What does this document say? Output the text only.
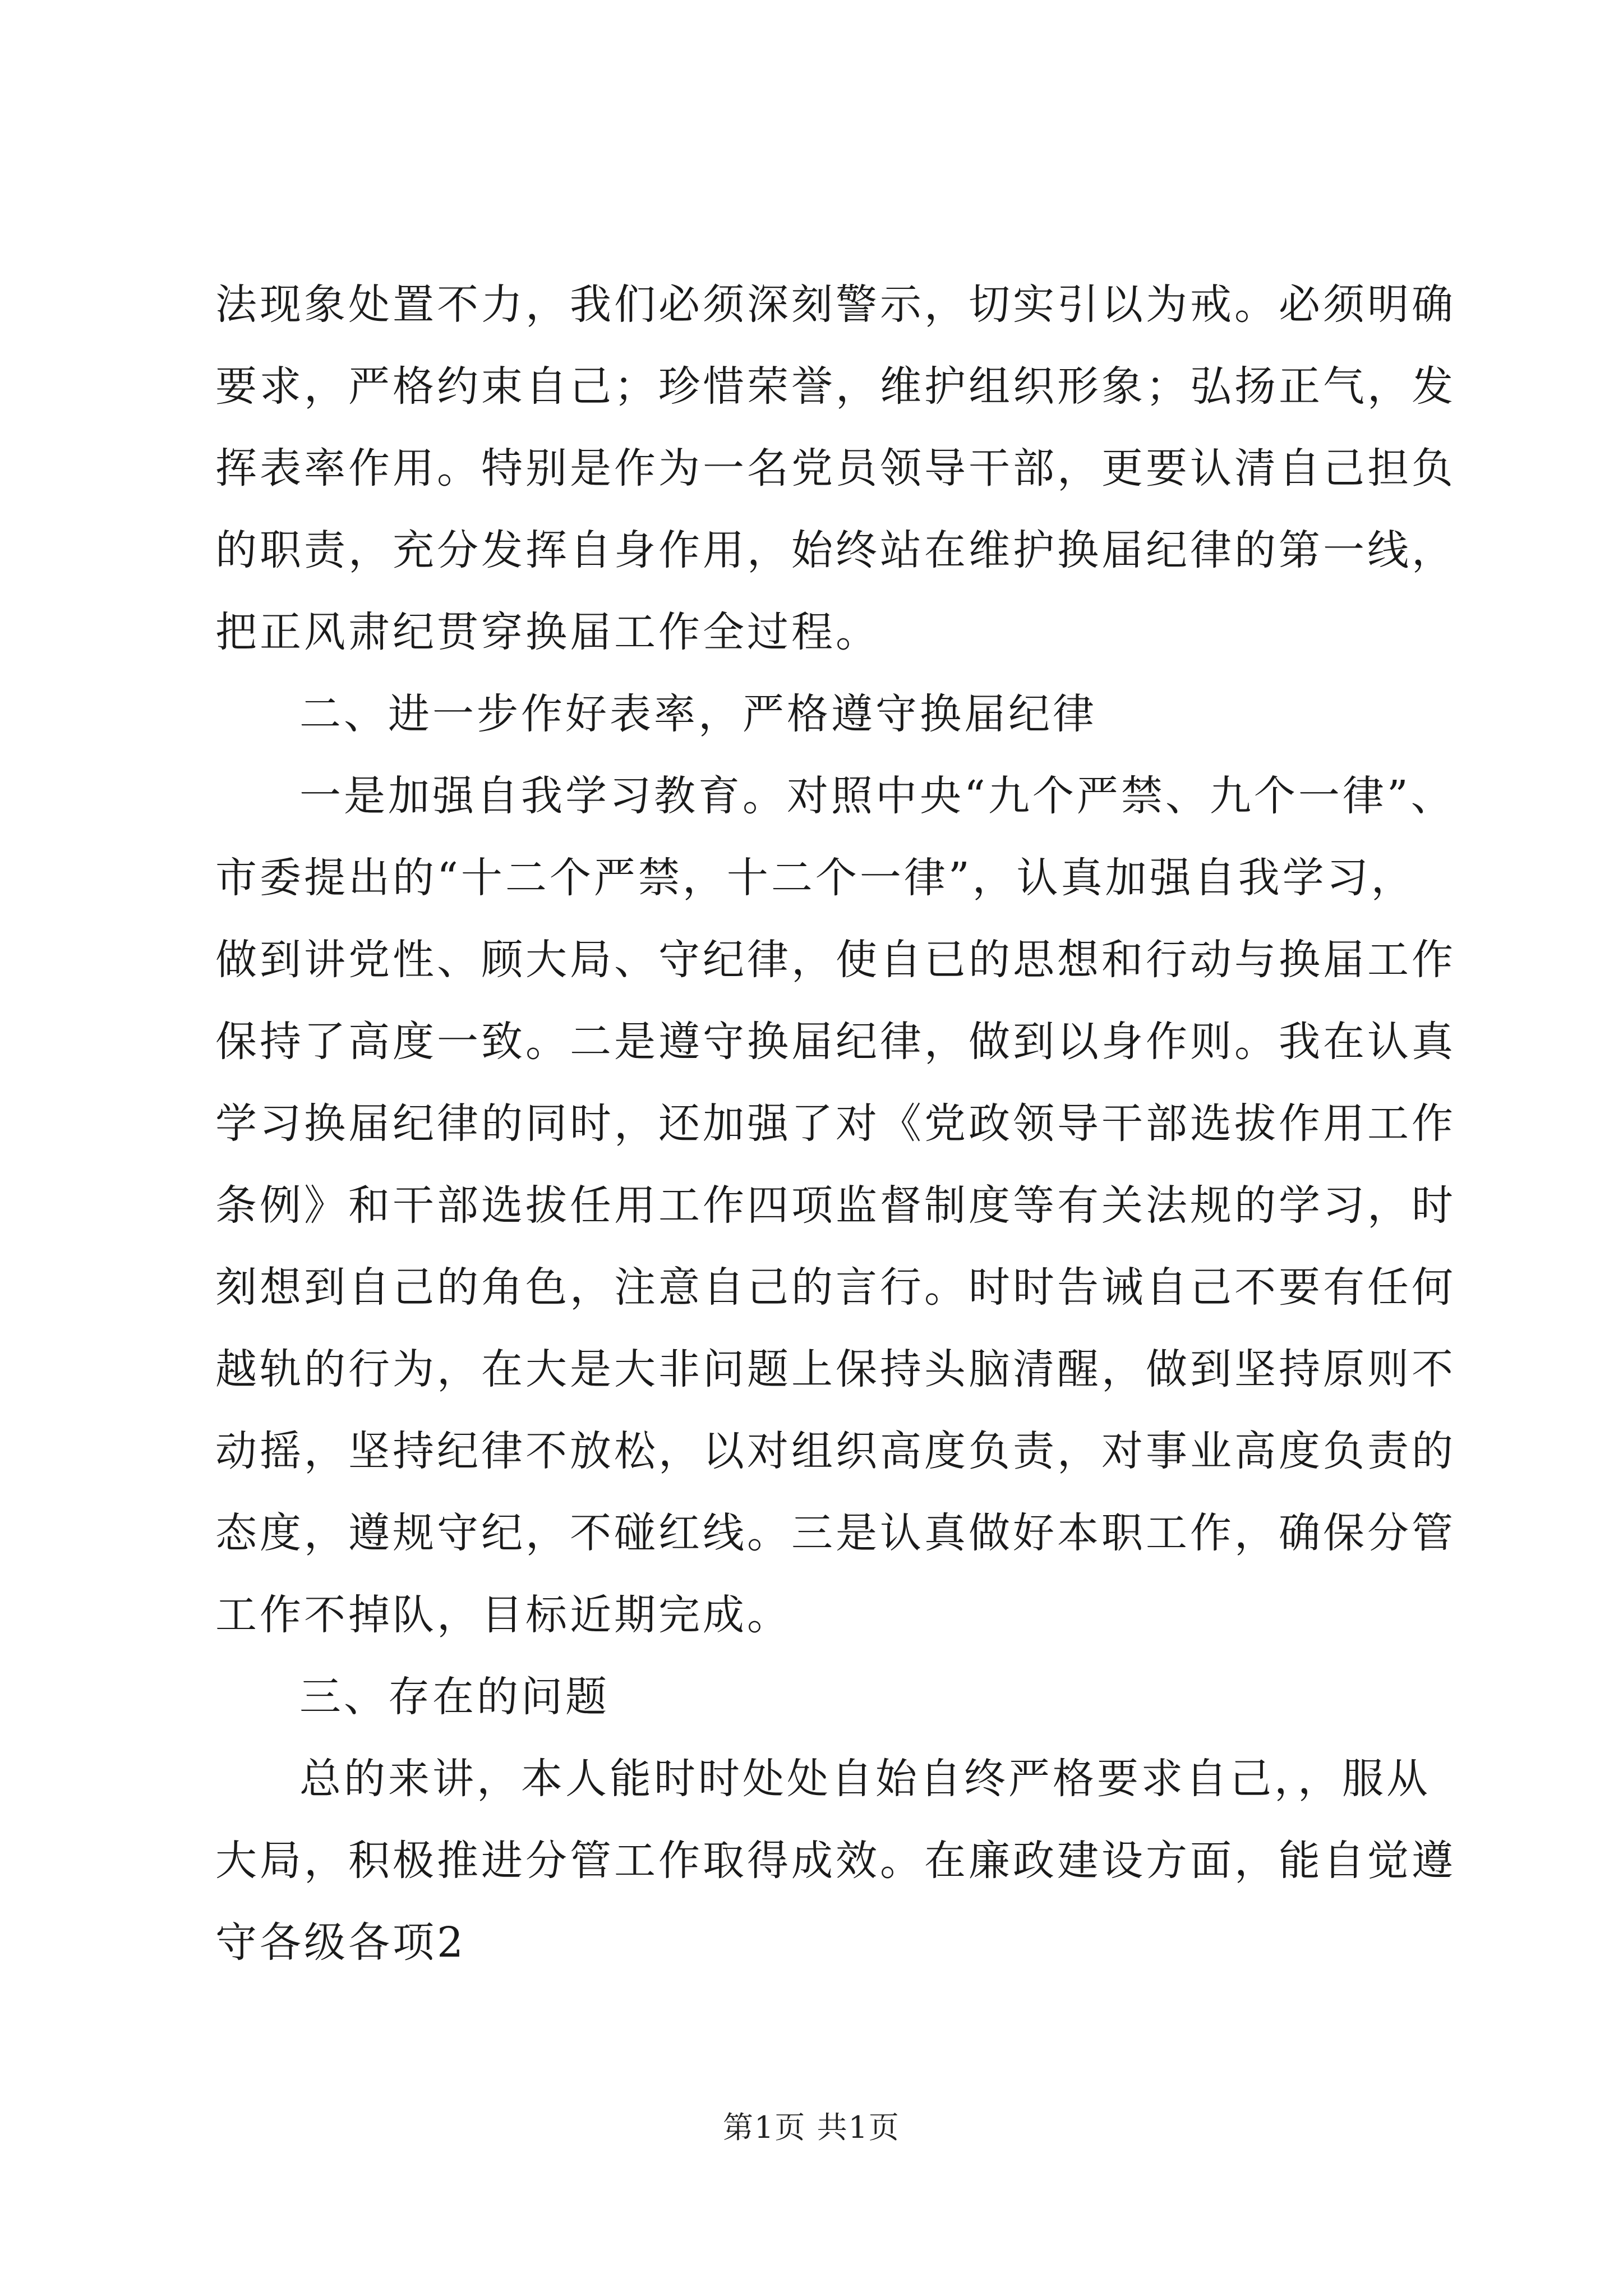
法现象处置不力，我们必须深刻警示，切实引以为戒。必须明确
要求，严格约束自己；珍惜荣誉，维护组织形象；弘扬正气，发
挥表率作用。特别是作为一名党员领导干部，更要认清自己担负
的职责，充分发挥自身作用，始终站在维护换届纪律的第一线，
把正风肃纪贯穿换届工作全过程。
二、进一步作好表率，严格遵守换届纪律
一是加强自我学习教育。对照中央“九个严禁、九个一律”、
市委提出的“十二个严禁，十二个一律”，认真加强自我学习，
做到讲党性、顾大局、守纪律，使自已的思想和行动与换届工作
保持了高度一致。二是遵守换届纪律，做到以身作则。我在认真
学习换届纪律的同时，还加强了对《党政领导干部选拔作用工作
条例》和干部选拔任用工作四项监督制度等有关法规的学习，时
刻想到自己的角色，注意自己的言行。时时告诫自己不要有任何
越轨的行为，在大是大非问题上保持头脑清醒，做到坚持原则不
动摇，坚持纪律不放松，以对组织高度负责，对事业高度负责的
态度，遵规守纪，不碰红线。三是认真做好本职工作，确保分管
工作不掉队，目标近期完成。
三、存在的问题
总的来讲，本人能时时处处自始自终严格要求自己，，服从
大局，积极推进分管工作取得成效。在廉政建设方面，能自觉遵
守各级各项2
第1页 共1页
